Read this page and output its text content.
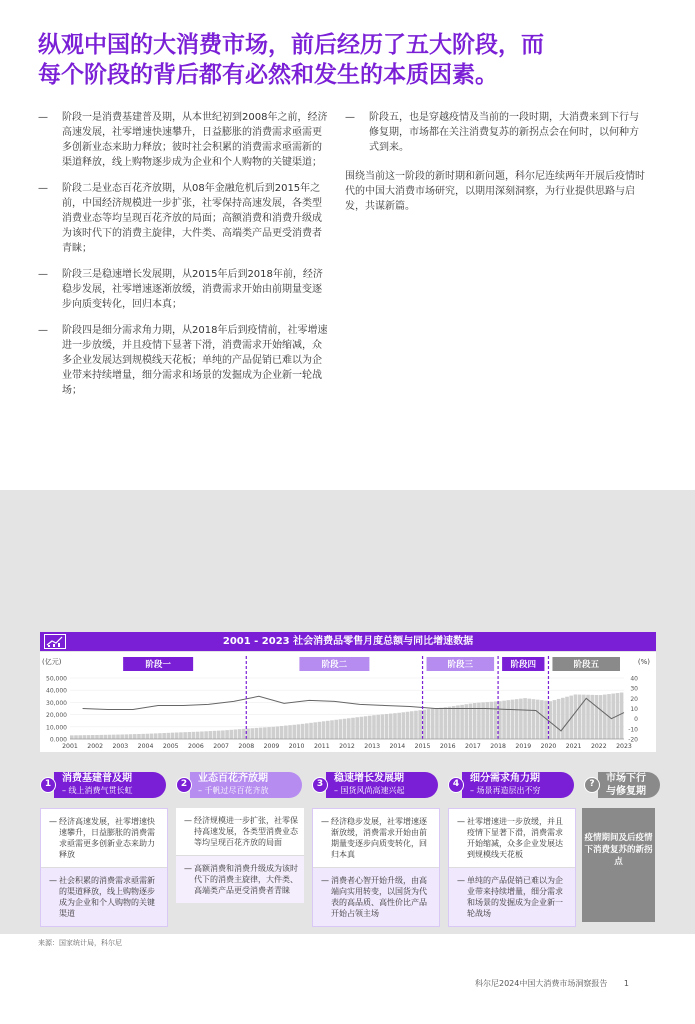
纵观中国的大消费市场，前后经历了五大阶段，而
每个阶段的背后都有必然和发生的本质因素。
— 阶段一是消费基建普及期，从本世纪初到2008年之前，经济高速发展，社零增速快速攀升，日益膨胀的消费需求亟需更多创新业态来助力释放；彼时社会积累的消费需求亟需新的渠道释放，线上购物逐步成为企业和个人购物的关键渠道；
— 阶段二是业态百花齐放期，从08年金融危机后到2015年之前，中国经济规模进一步扩张，社零保持高速发展，各类型消费业态等均呈现百花齐放的局面；高额消费和消费升级成为该时代下的消费主旋律，大件类、高端类产品更受消费者青睐；
— 阶段三是稳速增长发展期，从2015年后到2018年前，经济稳步发展，社零增速逐渐放缓，消费需求开始由前期量变逐步向质变转化，回归本真；
— 阶段四是细分需求角力期，从2018年后到疫情前，社零增速进一步放缓，并且疫情下显著下滑，消费需求开始缩减，众多企业发展达到规模线天花板；单纯的产品促销已难以为企业带来持续增量，细分需求和场景的发掘成为企业新一轮战场；
— 阶段五，也是穿越疫情及当前的一段时期，大消费来到下行与修复期，市场都在关注消费复苏的新拐点会在何时，以何种方式到来。
围绕当前这一阶段的新时期和新问题，科尔尼连续两年开展后疫情时代的中国大消费市场研究，以期用深刻洞察，为行业提供思路与启发，共谋新篇。
2001 - 2023 社会消费品零售月度总额与同比增速数据
(亿元)	(%)
50,000
40,000
30,000
20,000
10,000
0.000
40
30
20
10
0
-10
-20
阶段一	阶段二	阶段三	阶段四	阶段五
2001 2002 2003 2004 2005 2006 2007 2008 2009 2010 2011 2012 2013 2014 2015 2016 2017 2018 2019 2020 2021 2022 2023
消费基建普及期
– 线上消费气贯长虹
1	业态百花齐放期
– 千帆过尽百花齐放
2	稳速增长发展期
– 国货风尚高速兴起
3	细分需求角力期
– 场景再造层出不穷
4	市场下行
与修复期
?
— 经济高速发展，社零增速快速攀升，日益膨胀的消费需求亟需更多创新业态来助力释放
— 社会积累的消费需求亟需新的渠道释放，线上购物逐步成为企业和个人购物的关键渠道
— 经济规模进一步扩张，社零保持高速发展，各类型消费业态等均呈现百花齐放的局面
— 高额消费和消费升级成为该时代下的消费主旋律，大件类、高端类产品更受消费者青睐
— 经济稳步发展，社零增速逐渐放缓，消费需求开始由前期量变逐步向质变转化，回归本真
— 消费者心智开始升级，由高端向实用转变，以国货为代表的高品质、高性价比产品开始占领主场
— 社零增速进一步放缓，并且疫情下显著下滑，消费需求开始缩减，众多企业发展达到规模线天花板
— 单纯的产品促销已难以为企业带来持续增量，细分需求和场景的发掘成为企业新一轮战场
疫情期间及后疫情下消费复苏的新拐点
来源：国家统计局，科尔尼
科尔尼2024中国大消费市场洞察报告 1
